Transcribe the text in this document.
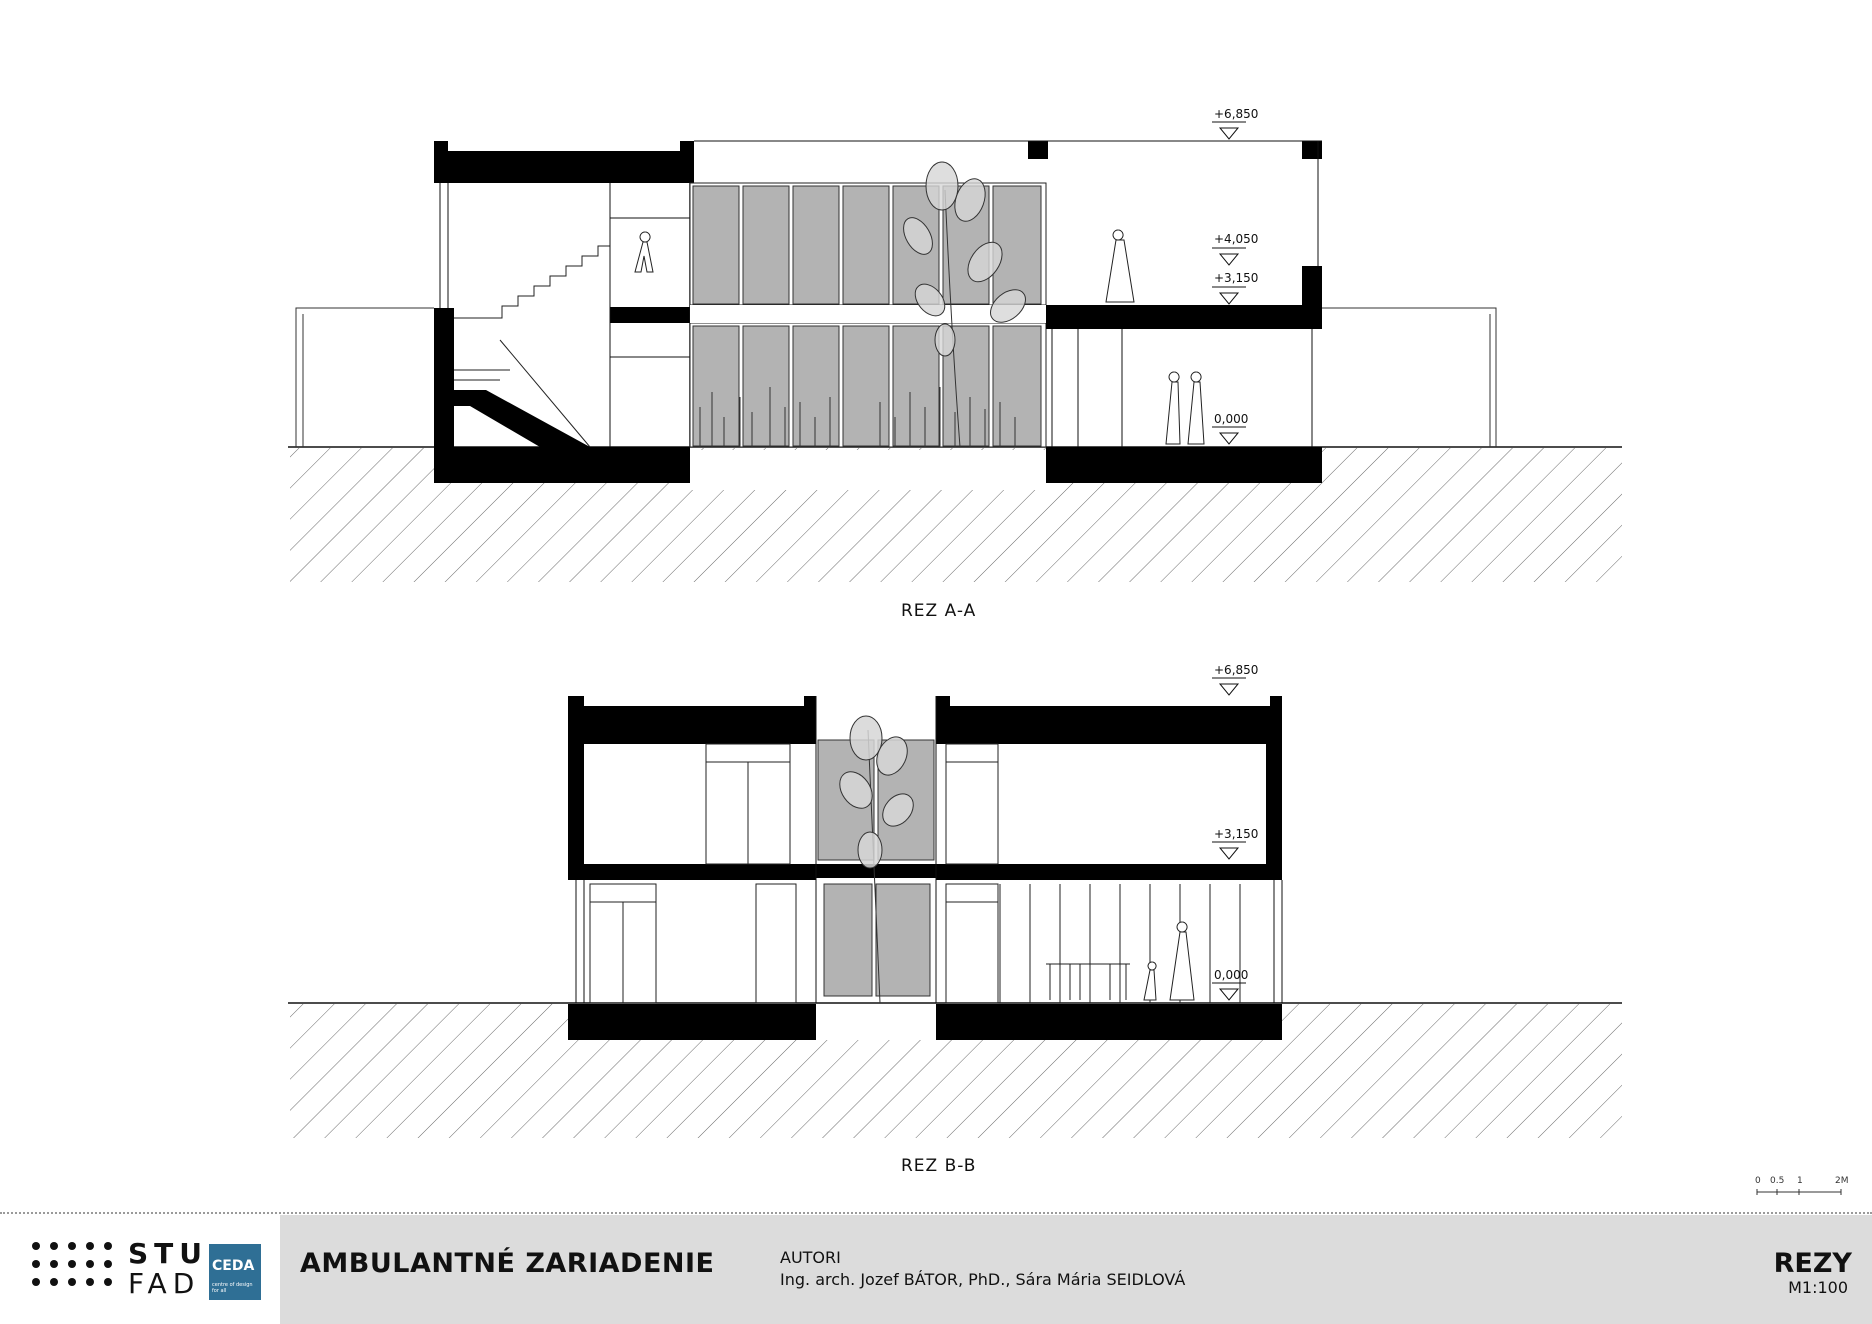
+6,850
+4,050
+3,150
0,000
REZ A-A
+6,850
+3,150
0,000
REZ B-B
0 0.5 1	2M
STU
FAD
CEDA
centre of design for all
AMBULANTNÉ ZARIADENIE	AUTORI
Ing. arch. Jozef BÁTOR, PhD., Sára Mária SEIDLOVÁ
REZY
M1:100
